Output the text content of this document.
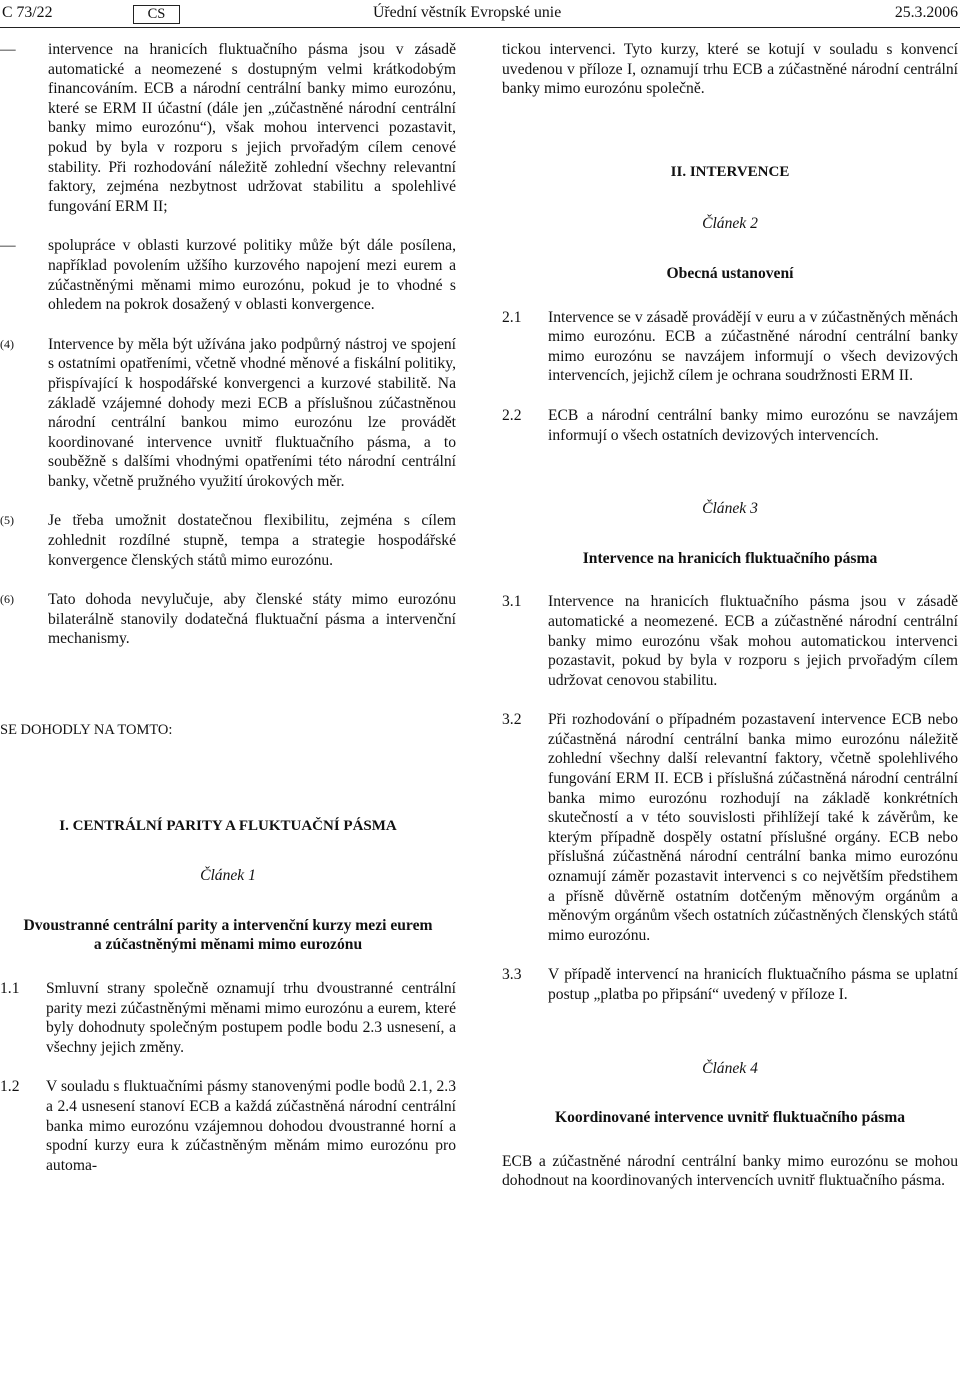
C 73/22	CS	Úřední věstník Evropské unie	25.3.2006
— intervence na hranicích fluktuačního pásma jsou v zásadě automatické a neomezené s dostupným velmi krátkodobým financováním. ECB a národní centrální banky mimo eurozónu, které se ERM II účastní (dále jen „zúčastněné národní centrální banky mimo eurozónu“), však mohou intervenci pozastavit, pokud by byla v rozporu s jejich prvořadým cílem cenové stability. Při rozhodování náležitě zohlední všechny relevantní faktory, zejména nezbytnost udržovat stabilitu a spolehlivé fungování ERM II;

— spolupráce v oblasti kurzové politiky může být dále posílena, například povolením užšího kurzového napojení mezi eurem a zúčastněnými měnami mimo eurozónu, pokud je to vhodné s ohledem na pokrok dosažený v oblasti konvergence.

(4) Intervence by měla být užívána jako podpůrný nástroj ve spojení s ostatními opatřeními, včetně vhodné měnové a fiskální politiky, přispívající k hospodářské konvergenci a kurzové stabilitě. Na základě vzájemné dohody mezi ECB a příslušnou zúčastněnou národní centrální bankou mimo eurozónu lze provádět koordinované intervence uvnitř fluktuačního pásma, a to souběžně s dalšími vhodnými opatřeními této národní centrální banky, včetně pružného využití úrokových měr.

(5) Je třeba umožnit dostatečnou flexibilitu, zejména s cílem zohlednit rozdílné stupně, tempa a strategie hospodářské konvergence členských států mimo eurozónu.

(6) Tato dohoda nevylučuje, aby členské státy mimo eurozónu bilaterálně stanovily dodatečná fluktuační pásma a intervenční mechanismy.

SE DOHODLY NA TOMTO:

I. CENTRÁLNÍ PARITY A FLUKTUAČNÍ PÁSMA

Článek 1

Dvoustranné centrální parity a intervenční kurzy mezi eurem a zúčastněnými měnami mimo eurozónu

1.1 Smluvní strany společně oznamují trhu dvoustranné centrální parity mezi zúčastněnými měnami mimo eurozónu a eurem, které byly dohodnuty společným postupem podle bodu 2.3 usnesení, a všechny jejich změny.

1.2 V souladu s fluktuačními pásmy stanovenými podle bodů 2.1, 2.3 a 2.4 usnesení stanoví ECB a každá zúčastněná národní centrální banka mimo eurozónu vzájemnou dohodou dvoustranné horní a spodní kurzy eura k zúčastněným měnám mimo eurozónu pro automa-

tickou intervenci. Tyto kurzy, které se kotují v souladu s konvencí uvedenou v příloze I, oznamují trhu ECB a zúčastněné národní centrální banky mimo eurozónu společně.

II. INTERVENCE

Článek 2

Obecná ustanovení

2.1 Intervence se v zásadě provádějí v euru a v zúčastněných měnách mimo eurozónu. ECB a zúčastněné národní centrální banky mimo eurozónu se navzájem informují o všech devizových intervencích, jejichž cílem je ochrana soudržnosti ERM II.

2.2 ECB a národní centrální banky mimo eurozónu se navzájem informují o všech ostatních devizových intervencích.

Článek 3

Intervence na hranicích fluktuačního pásma

3.1 Intervence na hranicích fluktuačního pásma jsou v zásadě automatické a neomezené. ECB a zúčastněné národní centrální banky mimo eurozónu však mohou automatickou intervenci pozastavit, pokud by byla v rozporu s jejich prvořadým cílem udržovat cenovou stabilitu.

3.2 Při rozhodování o případném pozastavení intervence ECB nebo zúčastněná národní centrální banka mimo eurozónu náležitě zohlední všechny další relevantní faktory, včetně spolehlivého fungování ERM II. ECB i příslušná zúčastněná národní centrální banka mimo eurozónu rozhodují na základě konkrétních skutečností a v této souvislosti přihlížejí také k závěrům, ke kterým případně dospěly ostatní příslušné orgány. ECB nebo příslušná zúčastněná národní centrální banka mimo eurozónu oznamují záměr pozastavit intervenci s co největším předstihem a přísně důvěrně ostatním dotčeným měnovým orgánům a měnovým orgánům všech ostatních zúčastněných členských států mimo eurozónu.

3.3 V případě intervencí na hranicích fluktuačního pásma se uplatní postup „platba po připsání“ uvedený v příloze I.

Článek 4

Koordinované intervence uvnitř fluktuačního pásma

ECB a zúčastněné národní centrální banky mimo eurozónu se mohou dohodnout na koordinovaných intervencích uvnitř fluktuačního pásma.
